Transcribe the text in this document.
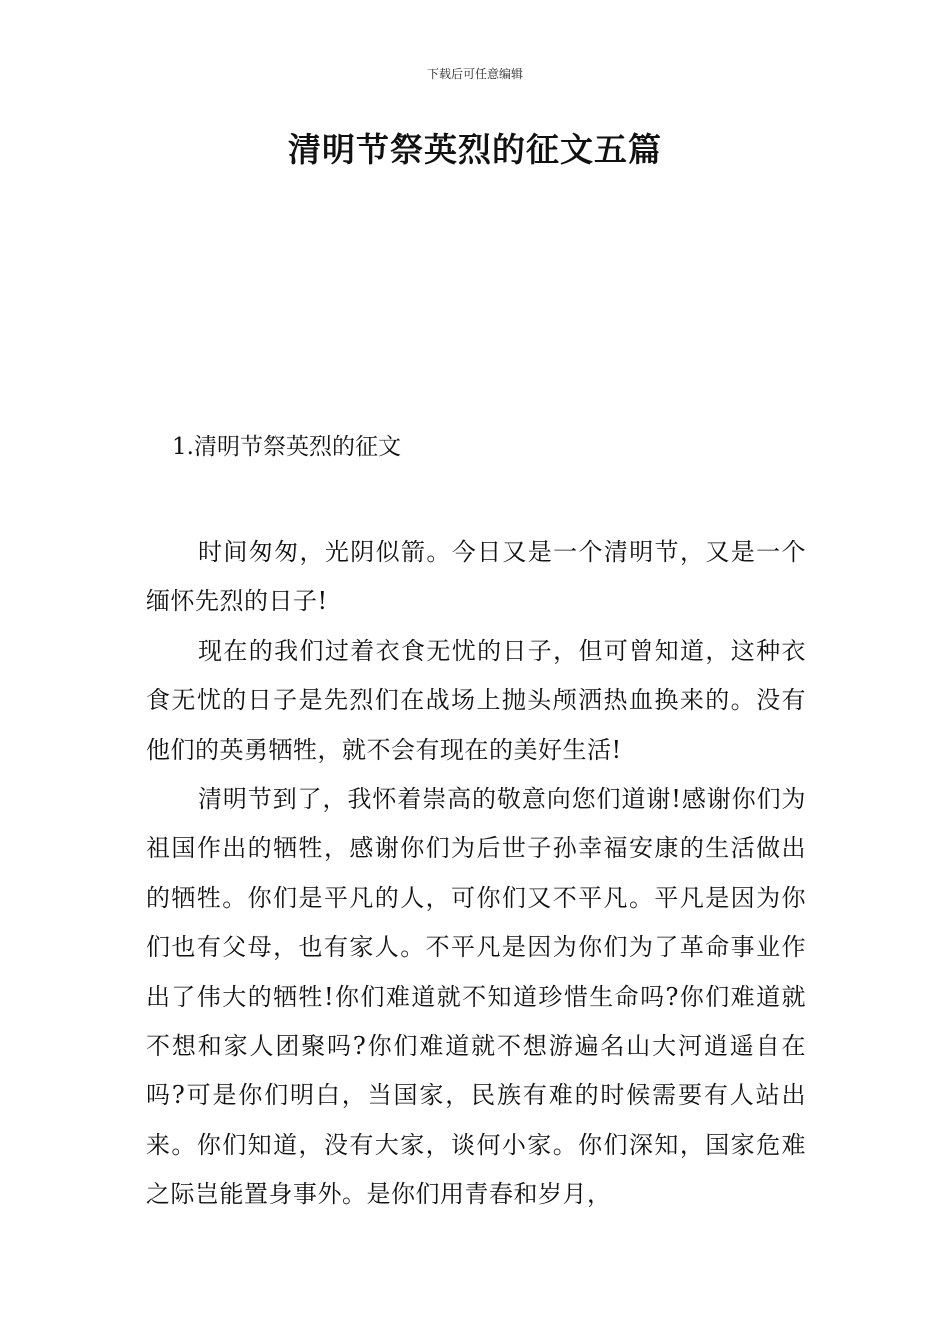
下载后可任意编辑
清明节祭英烈的征文五篇
1.清明节祭英烈的征文

时间匆匆，光阴似箭。今日又是一个清明节，又是一个缅怀先烈的日子!

现在的我们过着衣食无忧的日子，但可曾知道，这种衣食无忧的日子是先烈们在战场上抛头颅洒热血换来的。没有他们的英勇牺牲，就不会有现在的美好生活!

清明节到了，我怀着崇高的敬意向您们道谢!感谢你们为祖国作出的牺牲，感谢你们为后世子孙幸福安康的生活做出的牺牲。你们是平凡的人，可你们又不平凡。平凡是因为你们也有父母，也有家人。不平凡是因为你们为了革命事业作出了伟大的牺牲!你们难道就不知道珍惜生命吗?你们难道就不想和家人团聚吗?你们难道就不想游遍名山大河逍遥自在吗?可是你们明白，当国家，民族有难的时候需要有人站出来。你们知道，没有大家，谈何小家。你们深知，国家危难之际岂能置身事外。是你们用青春和岁月，
